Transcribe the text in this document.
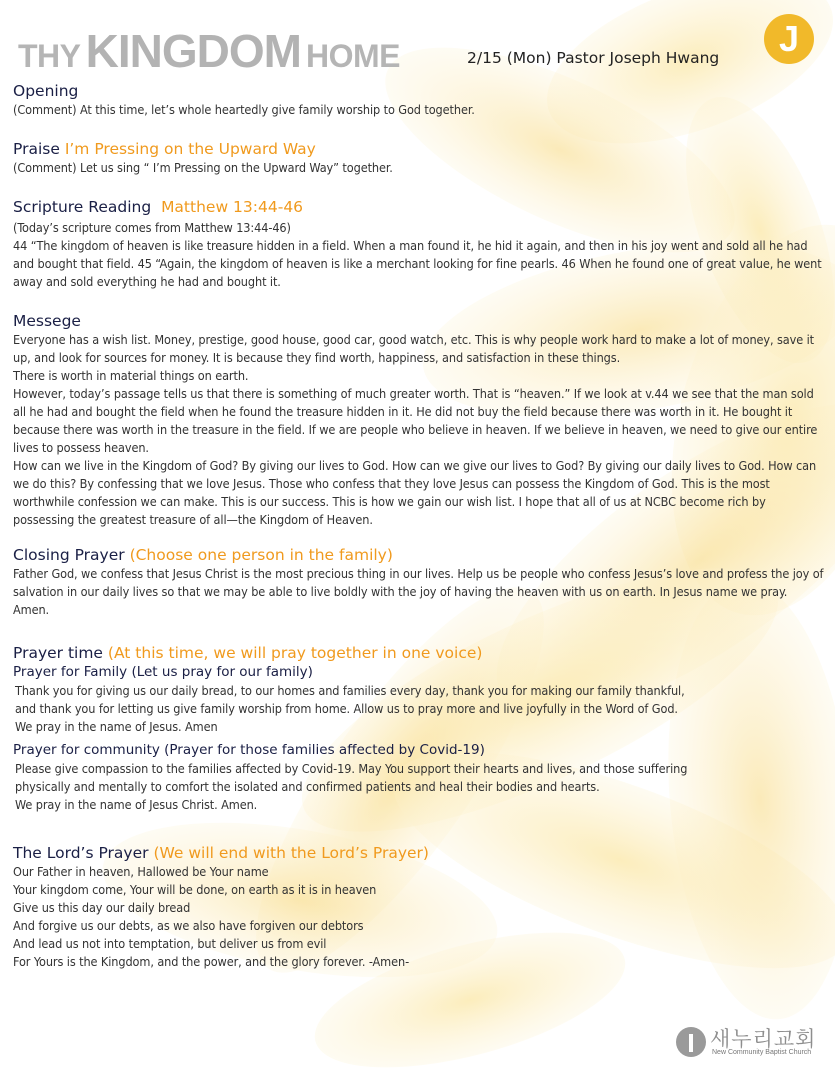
THY KINGDOM HOME	2/15 (Mon) Pastor Joseph Hwang	J
Opening

(Comment) At this time, let’s whole heartedly give family worship to God together.

Praise I’m Pressing on the Upward Way

(Comment) Let us sing “ I’m Pressing on the Upward Way” together.

Scripture Reading Matthew 13:44-46

(Today’s scripture comes from Matthew 13:44-46)

44 “The kingdom of heaven is like treasure hidden in a field. When a man found it, he hid it again, and then in his joy went and sold all he had and bought that field. 45 “Again, the kingdom of heaven is like a merchant looking for fine pearls. 46 When he found one of great value, he went away and sold everything he had and bought it.

Messege

Everyone has a wish list. Money, prestige, good house, good car, good watch, etc. This is why people work hard to make a lot of money, save it up, and look for sources for money. It is because they find worth, happiness, and satisfaction in these things.

There is worth in material things on earth.

However, today’s passage tells us that there is something of much greater worth. That is “heaven.” If we look at v.44 we see that the man sold all he had and bought the field when he found the treasure hidden in it. He did not buy the field because there was worth in it. He bought it because there was worth in the treasure in the field. If we are people who believe in heaven. If we believe in heaven, we need to give our entire lives to possess heaven.

How can we live in the Kingdom of God? By giving our lives to God. How can we give our lives to God? By giving our daily lives to God. How can we do this? By confessing that we love Jesus. Those who confess that they love Jesus can possess the Kingdom of God. This is the most worthwhile confession we can make. This is our success. This is how we gain our wish list. I hope that all of us at NCBC become rich by possessing the greatest treasure of all—the Kingdom of Heaven.

Closing Prayer (Choose one person in the family)

Father God, we confess that Jesus Christ is the most precious thing in our lives. Help us be people who confess Jesus’s love and profess the joy of salvation in our daily lives so that we may be able to live boldly with the joy of having the heaven with us on earth. In Jesus name we pray. Amen.

Prayer time (At this time, we will pray together in one voice)
Prayer for Family (Let us pray for our family)

Thank you for giving us our daily bread, to our homes and families every day, thank you for making our family thankful,

and thank you for letting us give family worship from home. Allow us to pray more and live joyfully in the Word of God.

We pray in the name of Jesus. Amen

Prayer for community (Prayer for those families affected by Covid-19)

Please give compassion to the families affected by Covid-19. May You support their hearts and lives, and those suffering

physically and mentally to comfort the isolated and confirmed patients and heal their bodies and hearts.

We pray in the name of Jesus Christ. Amen.

The Lord’s Prayer (We will end with the Lord’s Prayer)

Our Father in heaven, Hallowed be Your name

Your kingdom come, Your will be done, on earth as it is in heaven

Give us this day our daily bread

And forgive us our debts, as we also have forgiven our debtors

And lead us not into temptation, but deliver us from evil

For Yours is the Kingdom, and the power, and the glory forever. -Amen-

새누리교회
New Community Baptist Church
